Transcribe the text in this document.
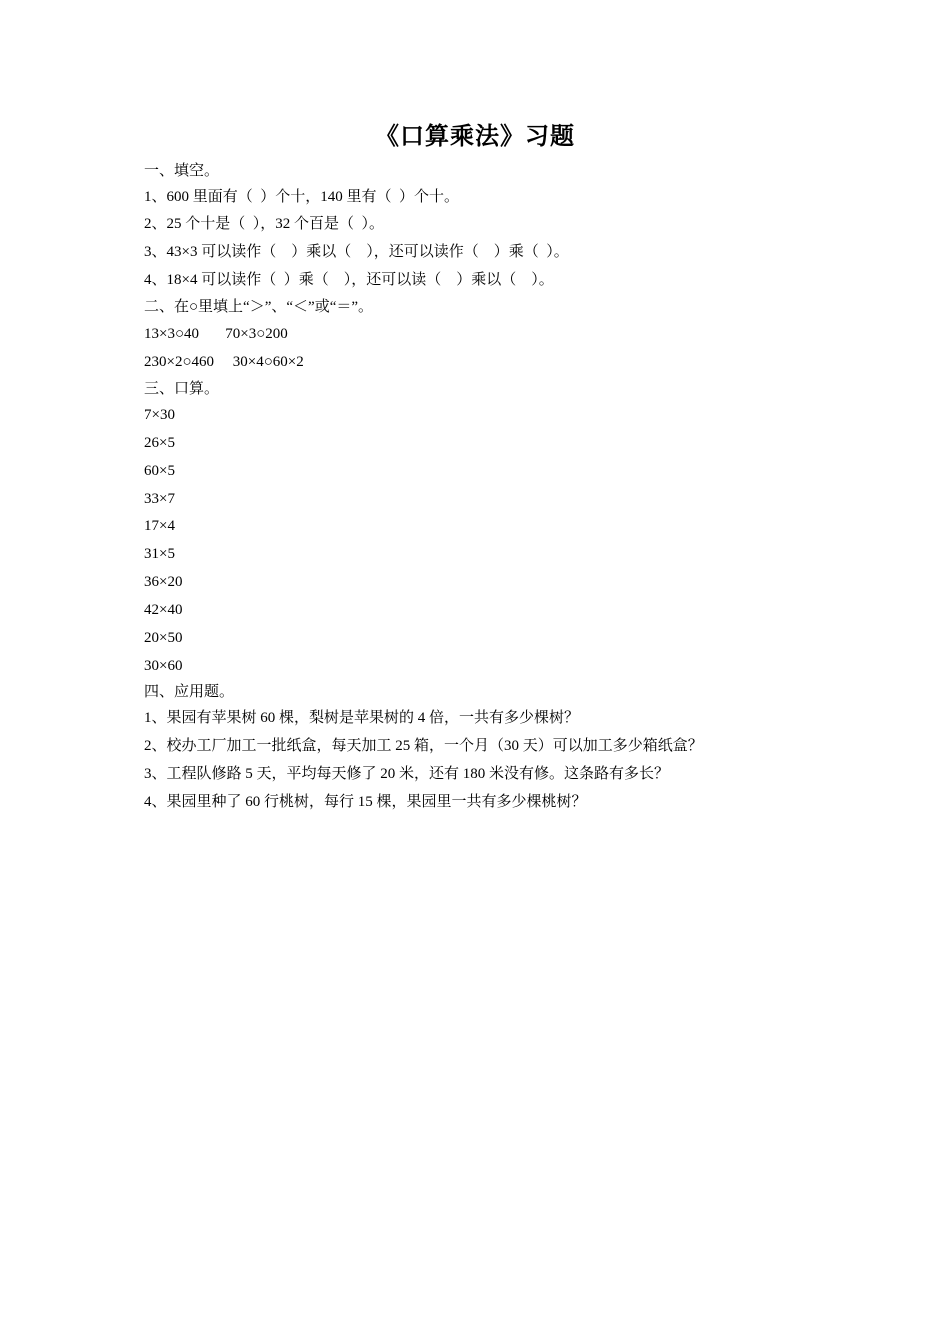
《口算乘法》习题
一、填空。
1、600 里面有（  ）个十，140 里有（  ）个十。
2、25 个十是（  ），32 个百是（  ）。
3、43×3 可以读作（    ）乘以（    ），还可以读作（    ）乘（  ）。
4、18×4 可以读作（  ）乘（    ），还可以读（    ）乘以（    ）。
二、在○里填上“＞”、“＜”或“＝”。
13×3○40       70×3○200
230×2○460     30×4○60×2
三、口算。
7×30
26×5
60×5
33×7
17×4
31×5
36×20
42×40
20×50
30×60
四、应用题。
1、果园有苹果树 60 棵，梨树是苹果树的 4 倍，一共有多少棵树？
2、校办工厂加工一批纸盒，每天加工 25 箱，一个月（30 天）可以加工多少箱纸盒？
3、工程队修路 5 天，平均每天修了 20 米，还有 180 米没有修。这条路有多长？
4、果园里种了 60 行桃树，每行 15 棵，果园里一共有多少棵桃树？
